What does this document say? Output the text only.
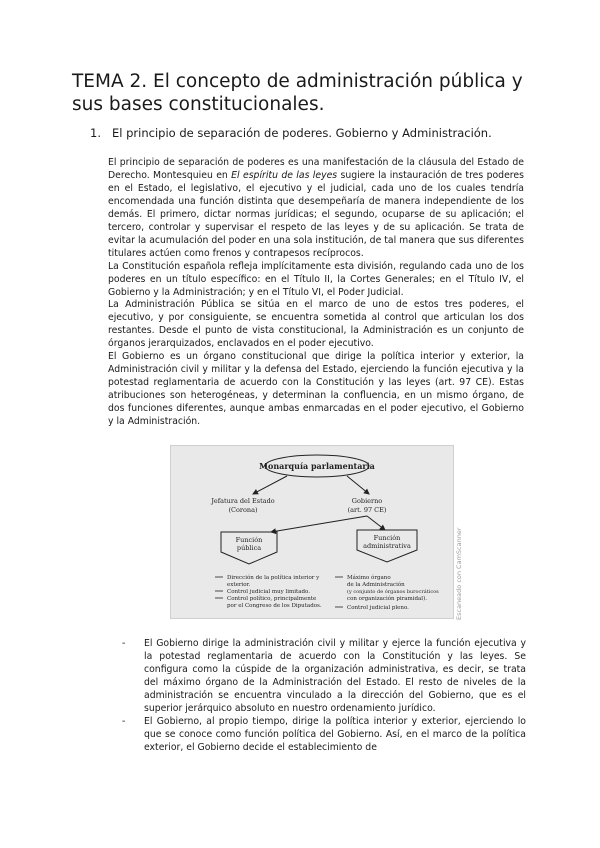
TEMA 2. El concepto de administración pública y sus bases constitucionales.
1. El principio de separación de poderes. Gobierno y Administración.

El principio de separación de poderes es una manifestación de la cláusula del Estado de Derecho. Montesquieu en El espíritu de las leyes sugiere la instauración de tres poderes en el Estado, el legislativo, el ejecutivo y el judicial, cada uno de los cuales tendría encomendada una función distinta que desempeñaría de manera independiente de los demás. El primero, dictar normas jurídicas; el segundo, ocuparse de su aplicación; el tercero, controlar y supervisar el respeto de las leyes y de su aplicación. Se trata de evitar la acumulación del poder en una sola institución, de tal manera que sus diferentes titulares actúen como frenos y contrapesos recíprocos.

La Constitución española refleja implícitamente esta división, regulando cada uno de los poderes en un título específico: en el Título II, la Cortes Generales; en el Título IV, el Gobierno y la Administración; y en el Título VI, el Poder Judicial.

La Administración Pública se sitúa en el marco de uno de estos tres poderes, el ejecutivo, y por consiguiente, se encuentra sometida al control que articulan los dos restantes. Desde el punto de vista constitucional, la Administración es un conjunto de órganos jerarquizados, enclavados en el poder ejecutivo.

El Gobierno es un órgano constitucional que dirige la política interior y exterior, la Administración civil y militar y la defensa del Estado, ejerciendo la función ejecutiva y la potestad reglamentaria de acuerdo con la Constitución y las leyes (art. 97 CE). Estas atribuciones son heterogéneas, y determinan la confluencia, en un mismo órgano, de dos funciones diferentes, aunque ambas enmarcadas en el poder ejecutivo, el Gobierno y la Administración.

Monarquía parlamentaria
Jefatura del Estado
(Corona)
Gobierno
(art. 97 CE)
Función
pública
Función
administrativa
Dirección de la política interior y
exterior.
Control judicial muy limitado.
Control político, principalmente
por el Congreso de los Diputados.
Máximo órgano
de la Administración
(y conjunto de órganos burocráticos
con organización piramidal).
Control judicial pleno.	Escaneado con CamScanner
- El Gobierno dirige la administración civil y militar y ejerce la función ejecutiva y la potestad reglamentaria de acuerdo con la Constitución y las leyes. Se configura como la cúspide de la organización administrativa, es decir, se trata del máximo órgano de la Administración del Estado. El resto de niveles de la administración se encuentra vinculado a la dirección del Gobierno, que es el superior jerárquico absoluto en nuestro ordenamiento jurídico.
- El Gobierno, al propio tiempo, dirige la política interior y exterior, ejerciendo lo que se conoce como función política del Gobierno. Así, en el marco de la política exterior, el Gobierno decide el establecimiento de
